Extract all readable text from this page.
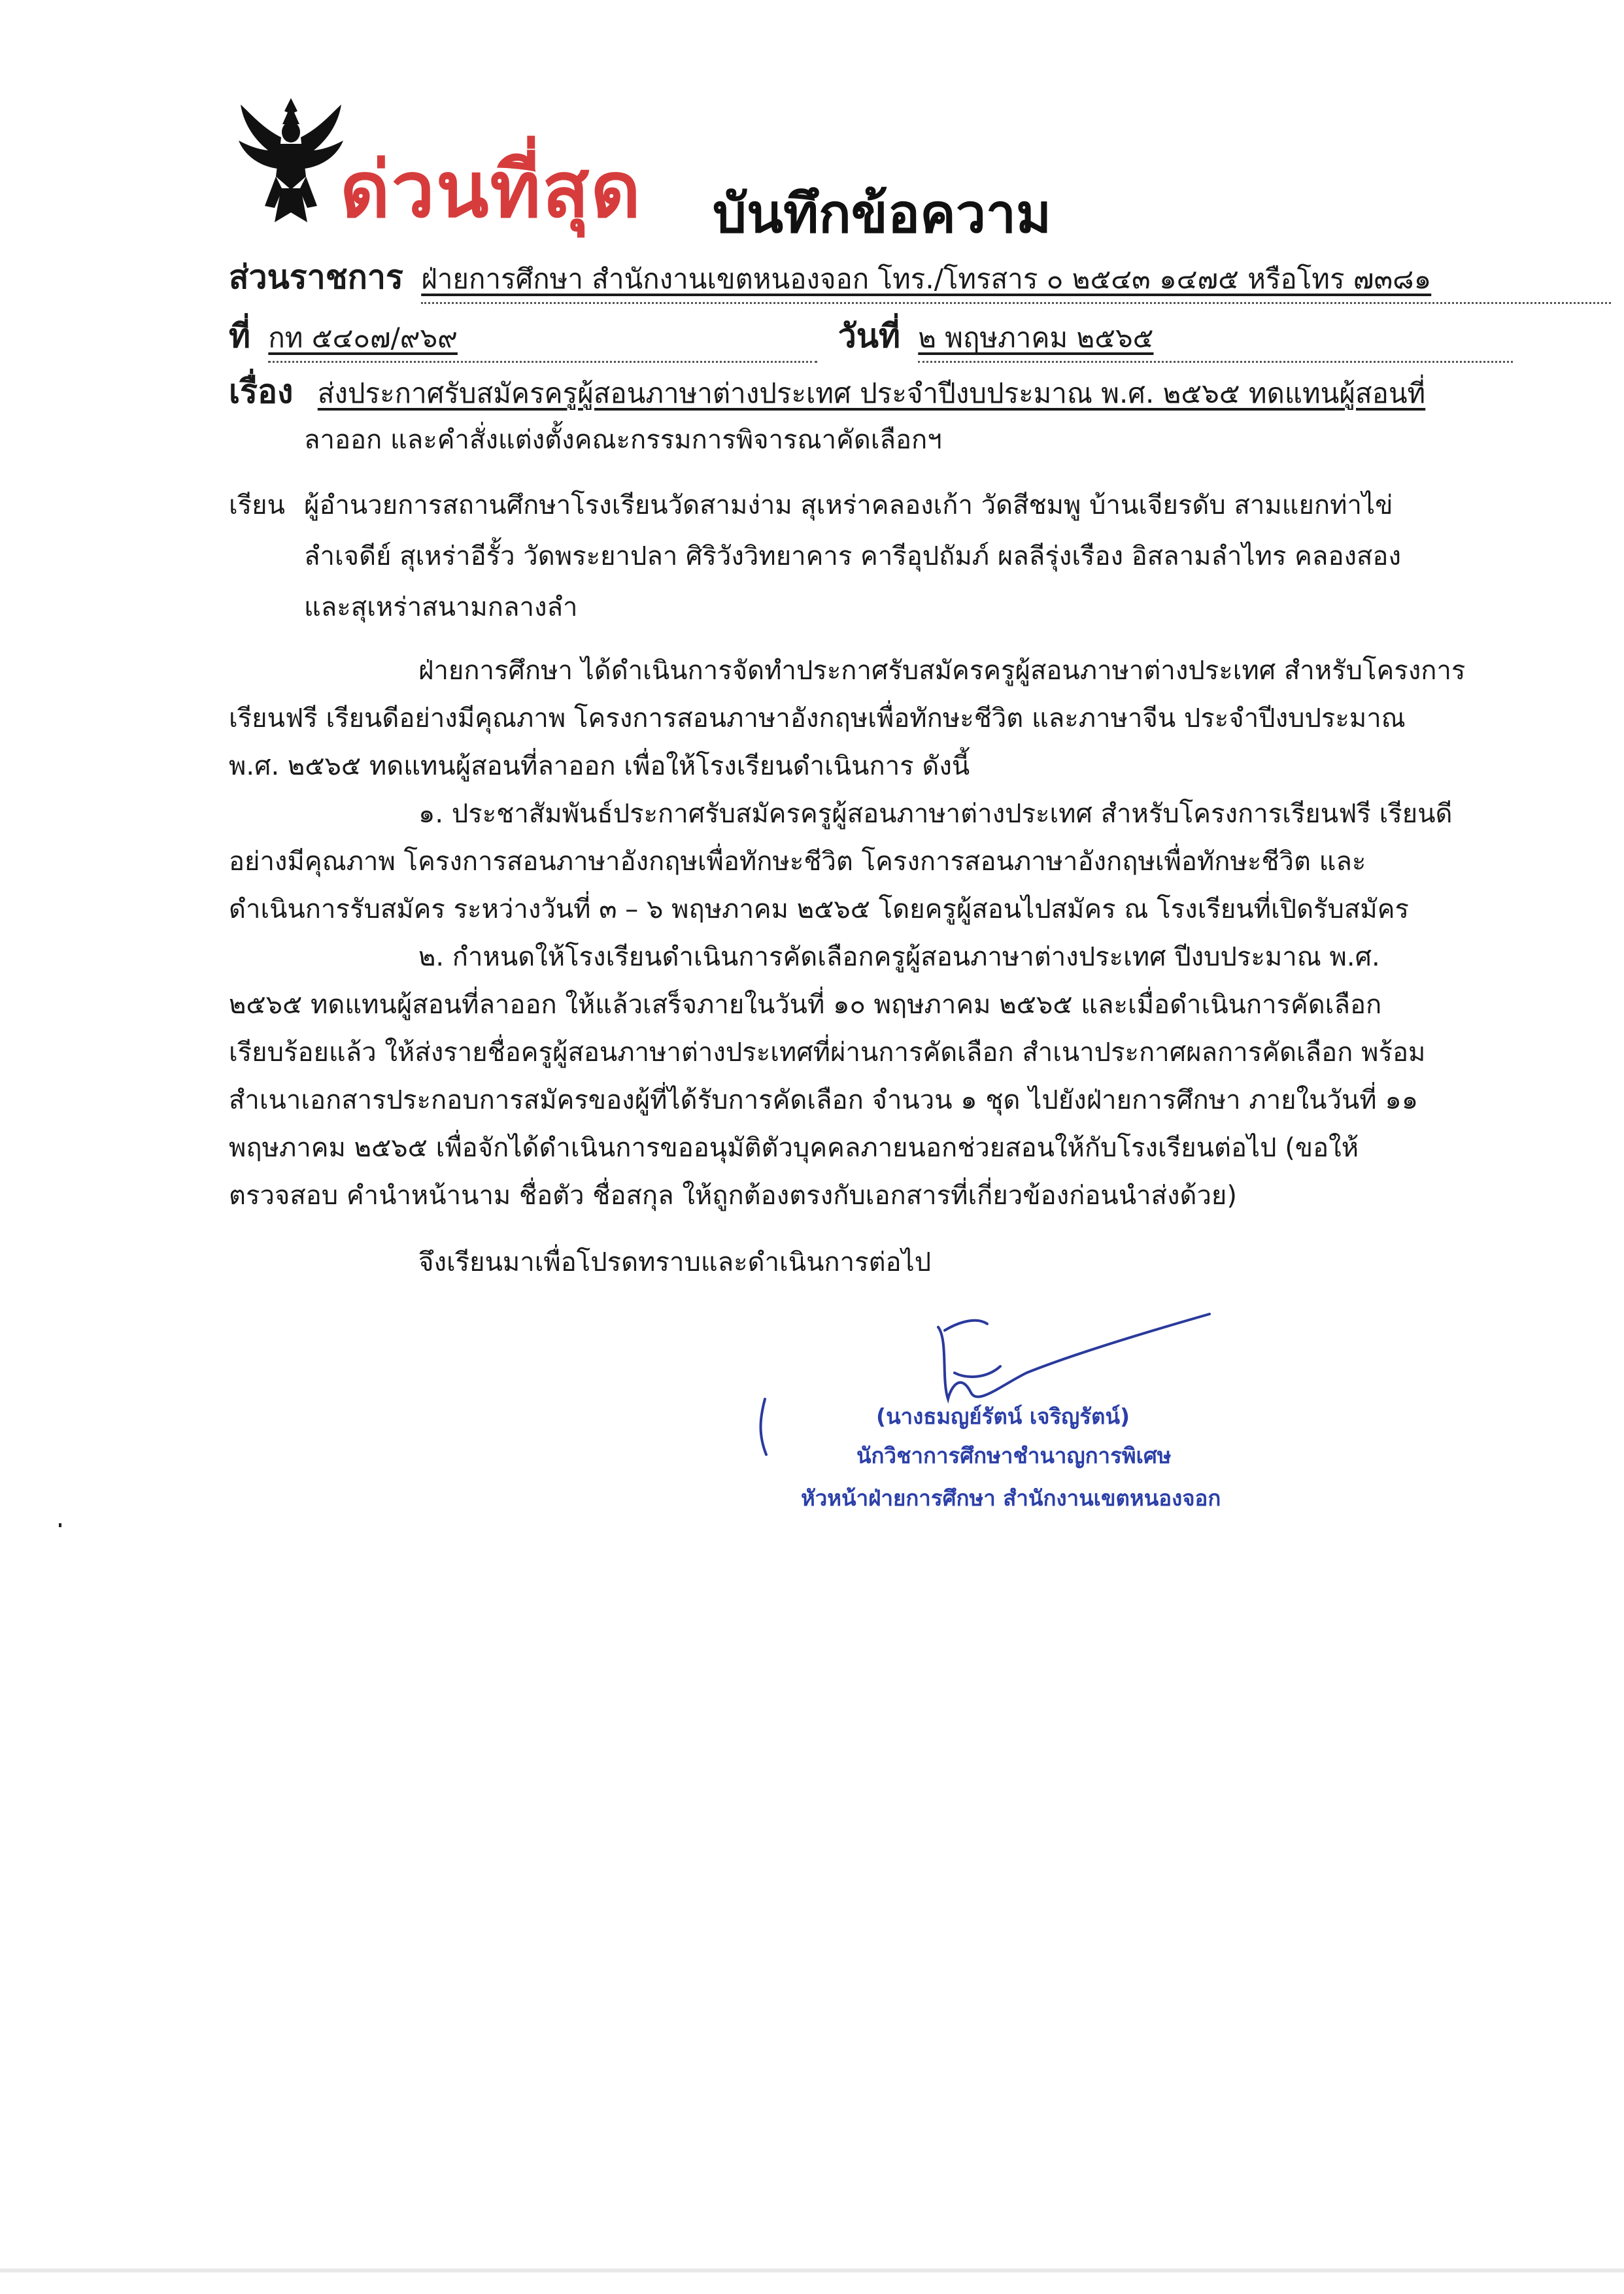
ด่วนที่สุด บันทึกข้อความ
ส่วนราชการ ฝ่ายการศึกษา สำนักงานเขตหนองจอก โทร./โทรสาร ๐ ๒๕๔๓ ๑๔๗๕ หรือโทร ๗๓๘๑
ที่ กท ๕๔๐๗/๙๖๙	วันที่ ๒ พฤษภาคม ๒๕๖๕
เรื่อง ส่งประกาศรับสมัครครูผู้สอนภาษาต่างประเทศ ประจำปีงบประมาณ พ.ศ. ๒๕๖๕ ทดแทนผู้สอนที่
ลาออก และคำสั่งแต่งตั้งคณะกรรมการพิจารณาคัดเลือกฯ
เรียน ผู้อำนวยการสถานศึกษาโรงเรียนวัดสามง่าม สุเหร่าคลองเก้า วัดสีชมพู บ้านเจียรดับ สามแยกท่าไข่
ลำเจดีย์ สุเหร่าอีรั้ว วัดพระยาปลา ศิริวังวิทยาคาร คารีอุปถัมภ์ ผลลีรุ่งเรือง อิสลามลำไทร คลองสอง
และสุเหร่าสนามกลางลำ
ฝ่ายการศึกษา ได้ดำเนินการจัดทำประกาศรับสมัครครูผู้สอนภาษาต่างประเทศ สำหรับโครงการ
เรียนฟรี เรียนดีอย่างมีคุณภาพ โครงการสอนภาษาอังกฤษเพื่อทักษะชีวิต และภาษาจีน ประจำปีงบประมาณ
พ.ศ. ๒๕๖๕ ทดแทนผู้สอนที่ลาออก เพื่อให้โรงเรียนดำเนินการ ดังนี้
๑. ประชาสัมพันธ์ประกาศรับสมัครครูผู้สอนภาษาต่างประเทศ สำหรับโครงการเรียนฟรี เรียนดี
อย่างมีคุณภาพ โครงการสอนภาษาอังกฤษเพื่อทักษะชีวิต โครงการสอนภาษาอังกฤษเพื่อทักษะชีวิต และ
ดำเนินการรับสมัคร ระหว่างวันที่ ๓ – ๖ พฤษภาคม ๒๕๖๕ โดยครูผู้สอนไปสมัคร ณ โรงเรียนที่เปิดรับสมัคร
๒. กำหนดให้โรงเรียนดำเนินการคัดเลือกครูผู้สอนภาษาต่างประเทศ ปีงบประมาณ พ.ศ.
๒๕๖๕ ทดแทนผู้สอนที่ลาออก ให้แล้วเสร็จภายในวันที่ ๑๐ พฤษภาคม ๒๕๖๕ และเมื่อดำเนินการคัดเลือก
เรียบร้อยแล้ว ให้ส่งรายชื่อครูผู้สอนภาษาต่างประเทศที่ผ่านการคัดเลือก สำเนาประกาศผลการคัดเลือก พร้อม
สำเนาเอกสารประกอบการสมัครของผู้ที่ได้รับการคัดเลือก จำนวน ๑ ชุด ไปยังฝ่ายการศึกษา ภายในวันที่ ๑๑
พฤษภาคม ๒๕๖๕ เพื่อจักได้ดำเนินการขออนุมัติตัวบุคคลภายนอกช่วยสอนให้กับโรงเรียนต่อไป (ขอให้
ตรวจสอบ คำนำหน้านาม ชื่อตัว ชื่อสกุล ให้ถูกต้องตรงกับเอกสารที่เกี่ยวข้องก่อนนำส่งด้วย)
จึงเรียนมาเพื่อโปรดทราบและดำเนินการต่อไป
(นางธมญย์รัตน์ เจริญรัตน์)
นักวิชาการศึกษาชำนาญการพิเศษ
หัวหน้าฝ่ายการศึกษา สำนักงานเขตหนองจอก
